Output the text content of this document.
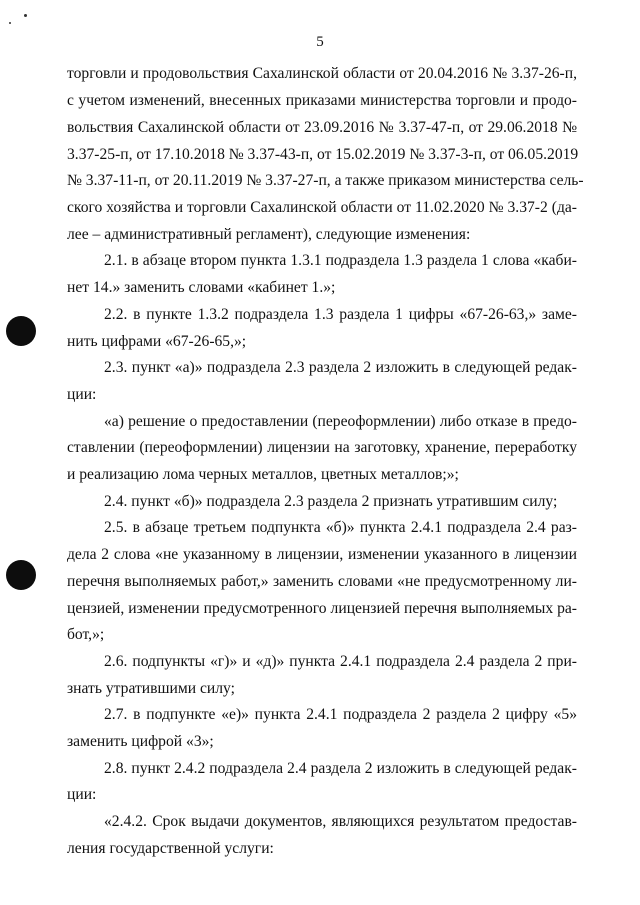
5
торговли и продовольствия Сахалинской области от 20.04.2016 № 3.37-26-п,
с учетом изменений, внесенных приказами министерства торговли и продо-
вольствия Сахалинской области от 23.09.2016 № 3.37-47-п, от 29.06.2018 №
3.37-25-п, от 17.10.2018 № 3.37-43-п, от 15.02.2019 № 3.37-3-п, от 06.05.2019
№ 3.37-11-п, от 20.11.2019 № 3.37-27-п, а также приказом министерства сель-
ского хозяйства и торговли Сахалинской области от 11.02.2020 № 3.37-2 (да-
лее – административный регламент), следующие изменения:
2.1. в абзаце втором пункта 1.3.1 подраздела 1.3 раздела 1 слова «каби-
нет 14.» заменить словами «кабинет 1.»;
2.2. в пункте 1.3.2 подраздела 1.3 раздела 1 цифры «67-26-63,» заме-
нить цифрами «67-26-65,»;
2.3. пункт «а)» подраздела 2.3 раздела 2 изложить в следующей редак-
ции:
«а) решение о предоставлении (переоформлении) либо отказе в предо-
ставлении (переоформлении) лицензии на заготовку, хранение, переработку
и реализацию лома черных металлов, цветных металлов;»;
2.4. пункт «б)» подраздела 2.3 раздела 2 признать утратившим силу;
2.5. в абзаце третьем подпункта «б)» пункта 2.4.1 подраздела 2.4 раз-
дела 2 слова «не указанному в лицензии, изменении указанного в лицензии
перечня выполняемых работ,» заменить словами «не предусмотренному ли-
цензией, изменении предусмотренного лицензией перечня выполняемых ра-
бот,»;
2.6. подпункты «г)» и «д)» пункта 2.4.1 подраздела 2.4 раздела 2 при-
знать утратившими силу;
2.7. в подпункте «е)» пункта 2.4.1 подраздела 2 раздела 2 цифру «5»
заменить цифрой «3»;
2.8. пункт 2.4.2 подраздела 2.4 раздела 2 изложить в следующей редак-
ции:
«2.4.2. Срок выдачи документов, являющихся результатом предостав-
ления государственной услуги:
